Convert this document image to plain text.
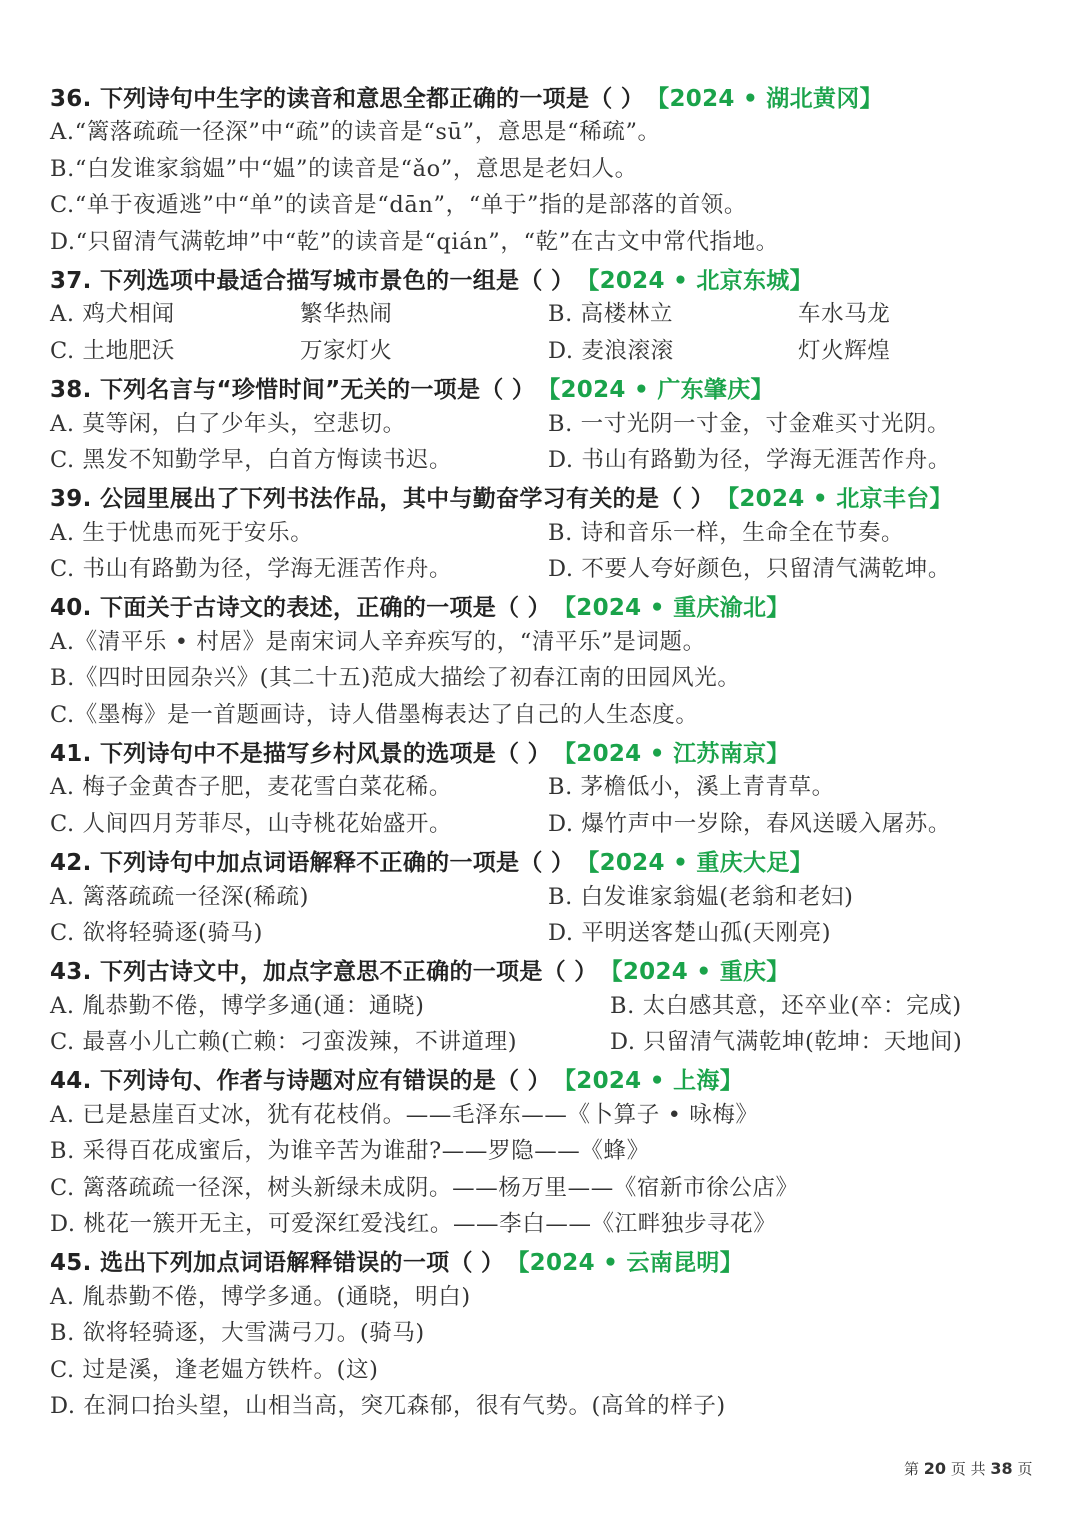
36. 下列诗句中生字的读音和意思全都正确的一项是（ ） 【2024 • 湖北黄冈】
A.“篱落疏疏一径深”中“疏”的读音是“sū”，意思是“稀疏”。
B.“白发谁家翁媪”中“媪”的读音是“ǎo”，意思是老妇人。
C.“单于夜遁逃”中“单”的读音是“dān”，“单于”指的是部落的首领。
D.“只留清气满乾坤”中“乾”的读音是“qián”，“乾”在古文中常代指地。
37. 下列选项中最适合描写城市景色的一组是（ ） 【2024 • 北京东城】
A. 鸡犬相闻	繁华热闹	B. 高楼林立	车水马龙
C. 土地肥沃	万家灯火	D. 麦浪滚滚	灯火辉煌
38. 下列名言与“珍惜时间”无关的一项是（ ） 【2024 • 广东肇庆】
A. 莫等闲，白了少年头，空悲切。	B. 一寸光阴一寸金，寸金难买寸光阴。
C. 黑发不知勤学早，白首方悔读书迟。	D. 书山有路勤为径，学海无涯苦作舟。
39. 公园里展出了下列书法作品，其中与勤奋学习有关的是（ ） 【2024 • 北京丰台】
A. 生于忧患而死于安乐。	B. 诗和音乐一样，生命全在节奏。
C. 书山有路勤为径，学海无涯苦作舟。	D. 不要人夸好颜色，只留清气满乾坤。
40. 下面关于古诗文的表述，正确的一项是（ ） 【2024 • 重庆渝北】
A.《清平乐 • 村居》是南宋词人辛弃疾写的，“清平乐”是词题。
B.《四时田园杂兴》(其二十五)范成大描绘了初春江南的田园风光。
C.《墨梅》是一首题画诗，诗人借墨梅表达了自己的人生态度。
41. 下列诗句中不是描写乡村风景的选项是（ ） 【2024 • 江苏南京】
A. 梅子金黄杏子肥，麦花雪白菜花稀。	B. 茅檐低小，溪上青青草。
C. 人间四月芳菲尽，山寺桃花始盛开。	D. 爆竹声中一岁除，春风送暖入屠苏。
42. 下列诗句中加点词语解释不正确的一项是（ ） 【2024 • 重庆大足】
A. 篱落疏疏一径深(稀疏)	B. 白发谁家翁媪(老翁和老妇)
C. 欲将轻骑逐(骑马)	D. 平明送客楚山孤(天刚亮)
43. 下列古诗文中，加点字意思不正确的一项是（ ） 【2024 • 重庆】
A. 胤恭勤不倦，博学多通(通：通晓)	B. 太白感其意，还卒业(卒：完成)
C. 最喜小儿亡赖(亡赖：刁蛮泼辣，不讲道理)	D. 只留清气满乾坤(乾坤：天地间)
44. 下列诗句、作者与诗题对应有错误的是（ ） 【2024 • 上海】
A. 已是悬崖百丈冰，犹有花枝俏。——毛泽东——《卜算子 • 咏梅》
B. 采得百花成蜜后，为谁辛苦为谁甜?——罗隐——《蜂》
C. 篱落疏疏一径深，树头新绿未成阴。——杨万里——《宿新市徐公店》
D. 桃花一簇开无主，可爱深红爱浅红。——李白——《江畔独步寻花》
45. 选出下列加点词语解释错误的一项（ ） 【2024 • 云南昆明】
A. 胤恭勤不倦，博学多通。(通晓，明白)
B. 欲将轻骑逐，大雪满弓刀。(骑马)
C. 过是溪，逢老媪方铁杵。(这)
D. 在洞口抬头望，山相当高，突兀森郁，很有气势。(高耸的样子)
第 20 页 共 38 页
